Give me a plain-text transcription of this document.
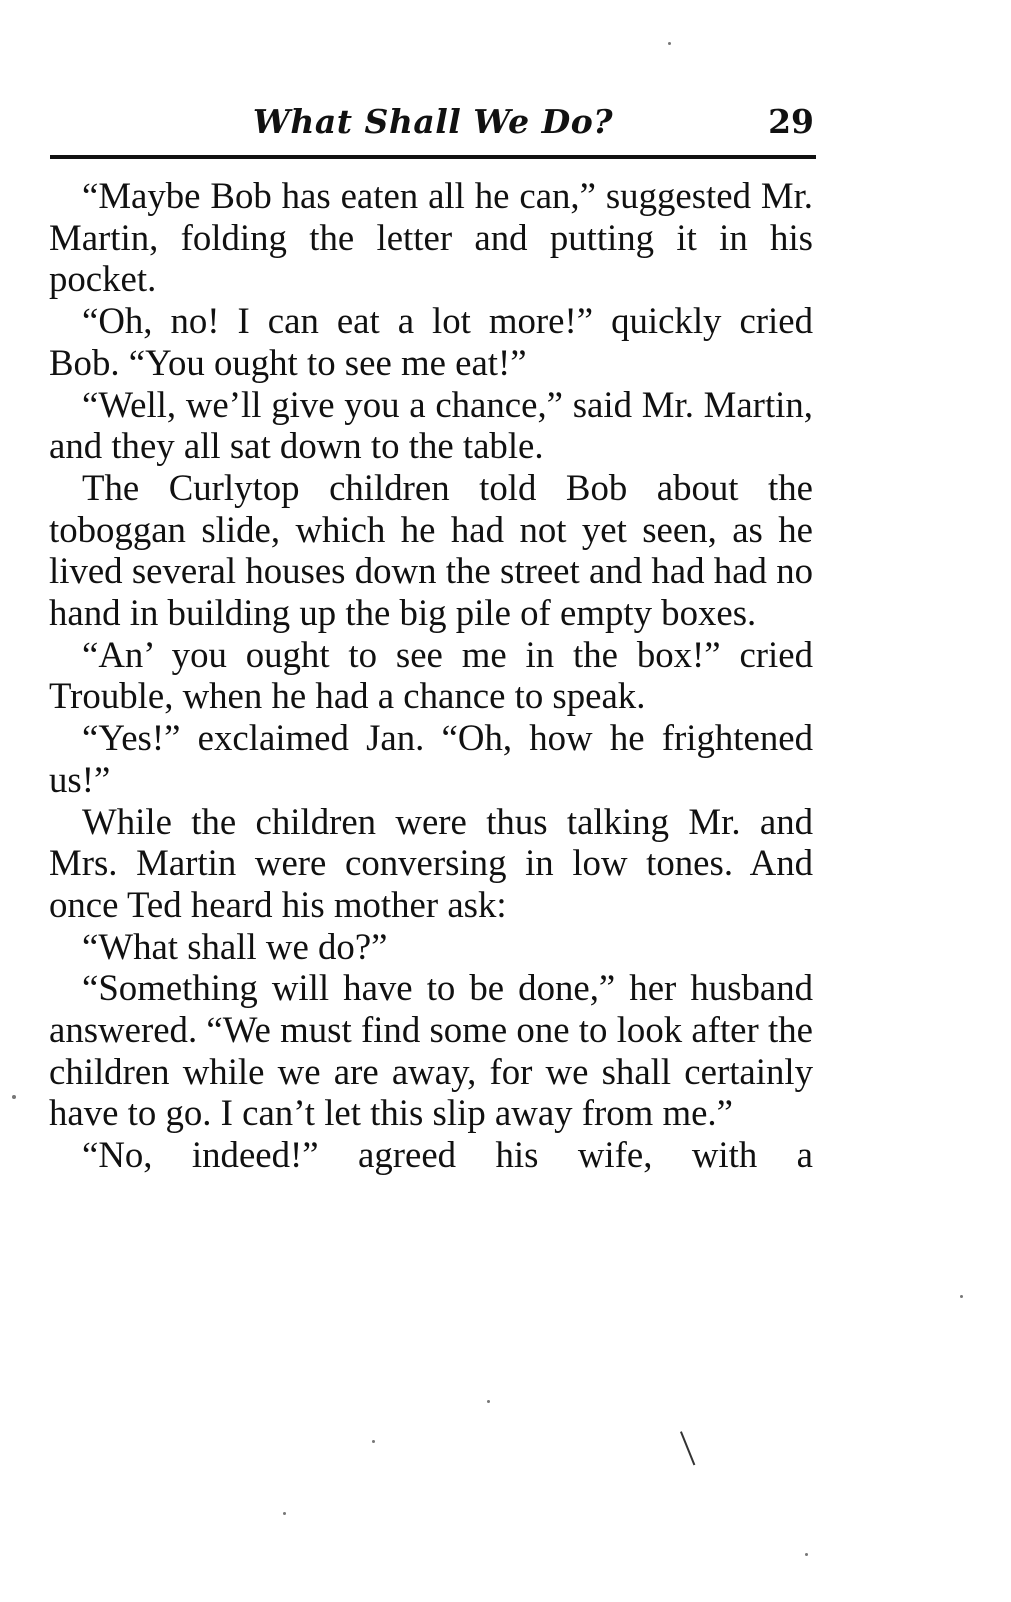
What Shall We Do?	29

“Maybe Bob has eaten all he can,” suggested Mr. Martin, folding the letter and putting it in his pocket.

“Oh, no! I can eat a lot more!” quickly cried Bob. “You ought to see me eat!”

“Well, we’ll give you a chance,” said Mr. Martin, and they all sat down to the table.

The Curlytop children told Bob about the toboggan slide, which he had not yet seen, as he lived several houses down the street and had had no hand in building up the big pile of empty boxes.

“An’ you ought to see me in the box!” cried Trouble, when he had a chance to speak.

“Yes!” exclaimed Jan. “Oh, how he frightened us!”

While the children were thus talking Mr. and Mrs. Martin were conversing in low tones. And once Ted heard his mother ask:

“What shall we do?”

“Something will have to be done,” her husband answered. “We must find some one to look after the children while we are away, for we shall certainly have to go. I can’t let this slip away from me.”

“No, indeed!” agreed his wife, with a
